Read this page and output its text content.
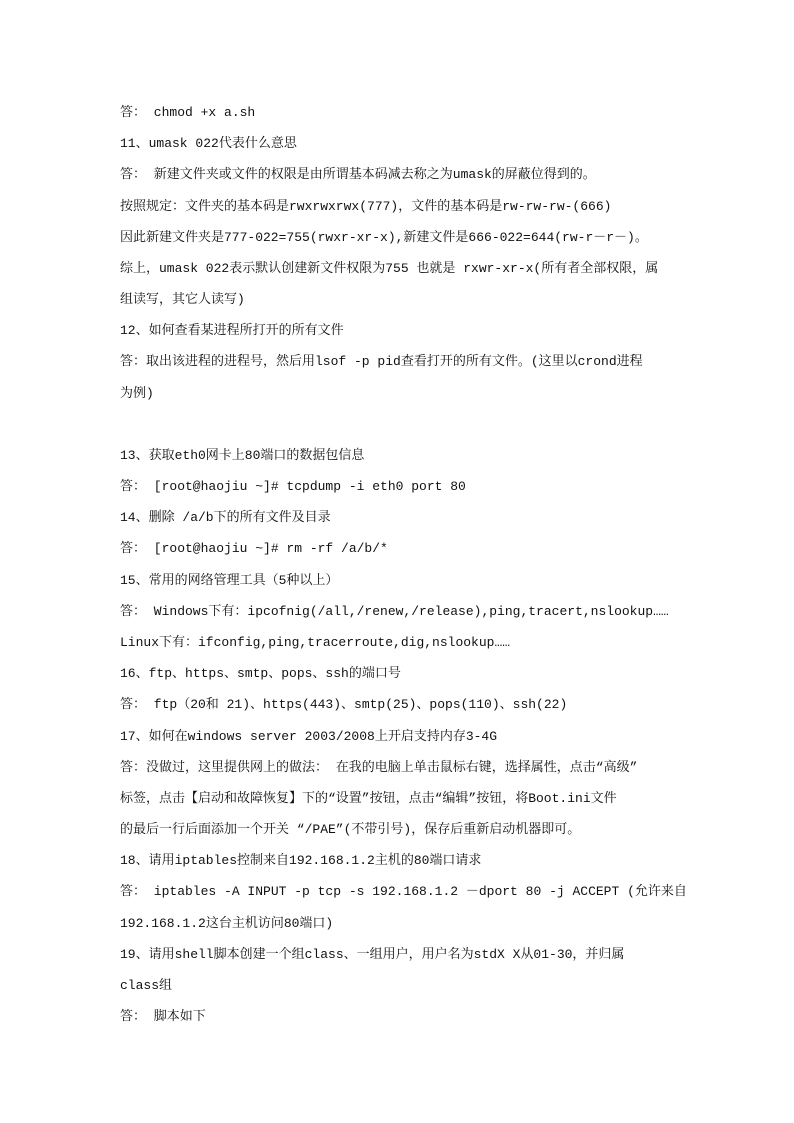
答： chmod +x a.sh
11、umask 022代表什么意思
答： 新建文件夹或文件的权限是由所谓基本码减去称之为umask的屏蔽位得到的。
按照规定：文件夹的基本码是rwxrwxrwx(777)，文件的基本码是rw-rw-rw-(666)
因此新建文件夹是777-022=755(rwxr-xr-x),新建文件是666-022=644(rw-r－r－)。
综上，umask 022表示默认创建新文件权限为755 也就是 rxwr-xr-x(所有者全部权限，属
组读写，其它人读写)
12、如何查看某进程所打开的所有文件
答：取出该进程的进程号，然后用lsof -p pid查看打开的所有文件。(这里以crond进程
为例)
13、获取eth0网卡上80端口的数据包信息
答： [root@haojiu ~]# tcpdump -i eth0 port 80
14、删除 /a/b下的所有文件及目录
答： [root@haojiu ~]# rm -rf /a/b/*
15、常用的网络管理工具（5种以上）
答： Windows下有：ipcofnig(/all,/renew,/release),ping,tracert,nslookup……
Linux下有：ifconfig,ping,tracerroute,dig,nslookup……
16、ftp、https、smtp、pops、ssh的端口号
答： ftp（20和 21)、https(443)、smtp(25)、pops(110)、ssh(22)
17、如何在windows server 2003/2008上开启支持内存3-4G
答：没做过，这里提供网上的做法： 在我的电脑上单击鼠标右键，选择属性，点击“高级”
标签，点击【启动和故障恢复】下的“设置”按钮，点击“编辑”按钮，将Boot.ini文件
的最后一行后面添加一个开关 “/PAE”(不带引号)，保存后重新启动机器即可。
18、请用iptables控制来自192.168.1.2主机的80端口请求
答： iptables -A INPUT -p tcp -s 192.168.1.2 －dport 80 -j ACCEPT (允许来自
192.168.1.2这台主机访问80端口)
19、请用shell脚本创建一个组class、一组用户，用户名为stdX X从01-30，并归属
class组
答： 脚本如下
